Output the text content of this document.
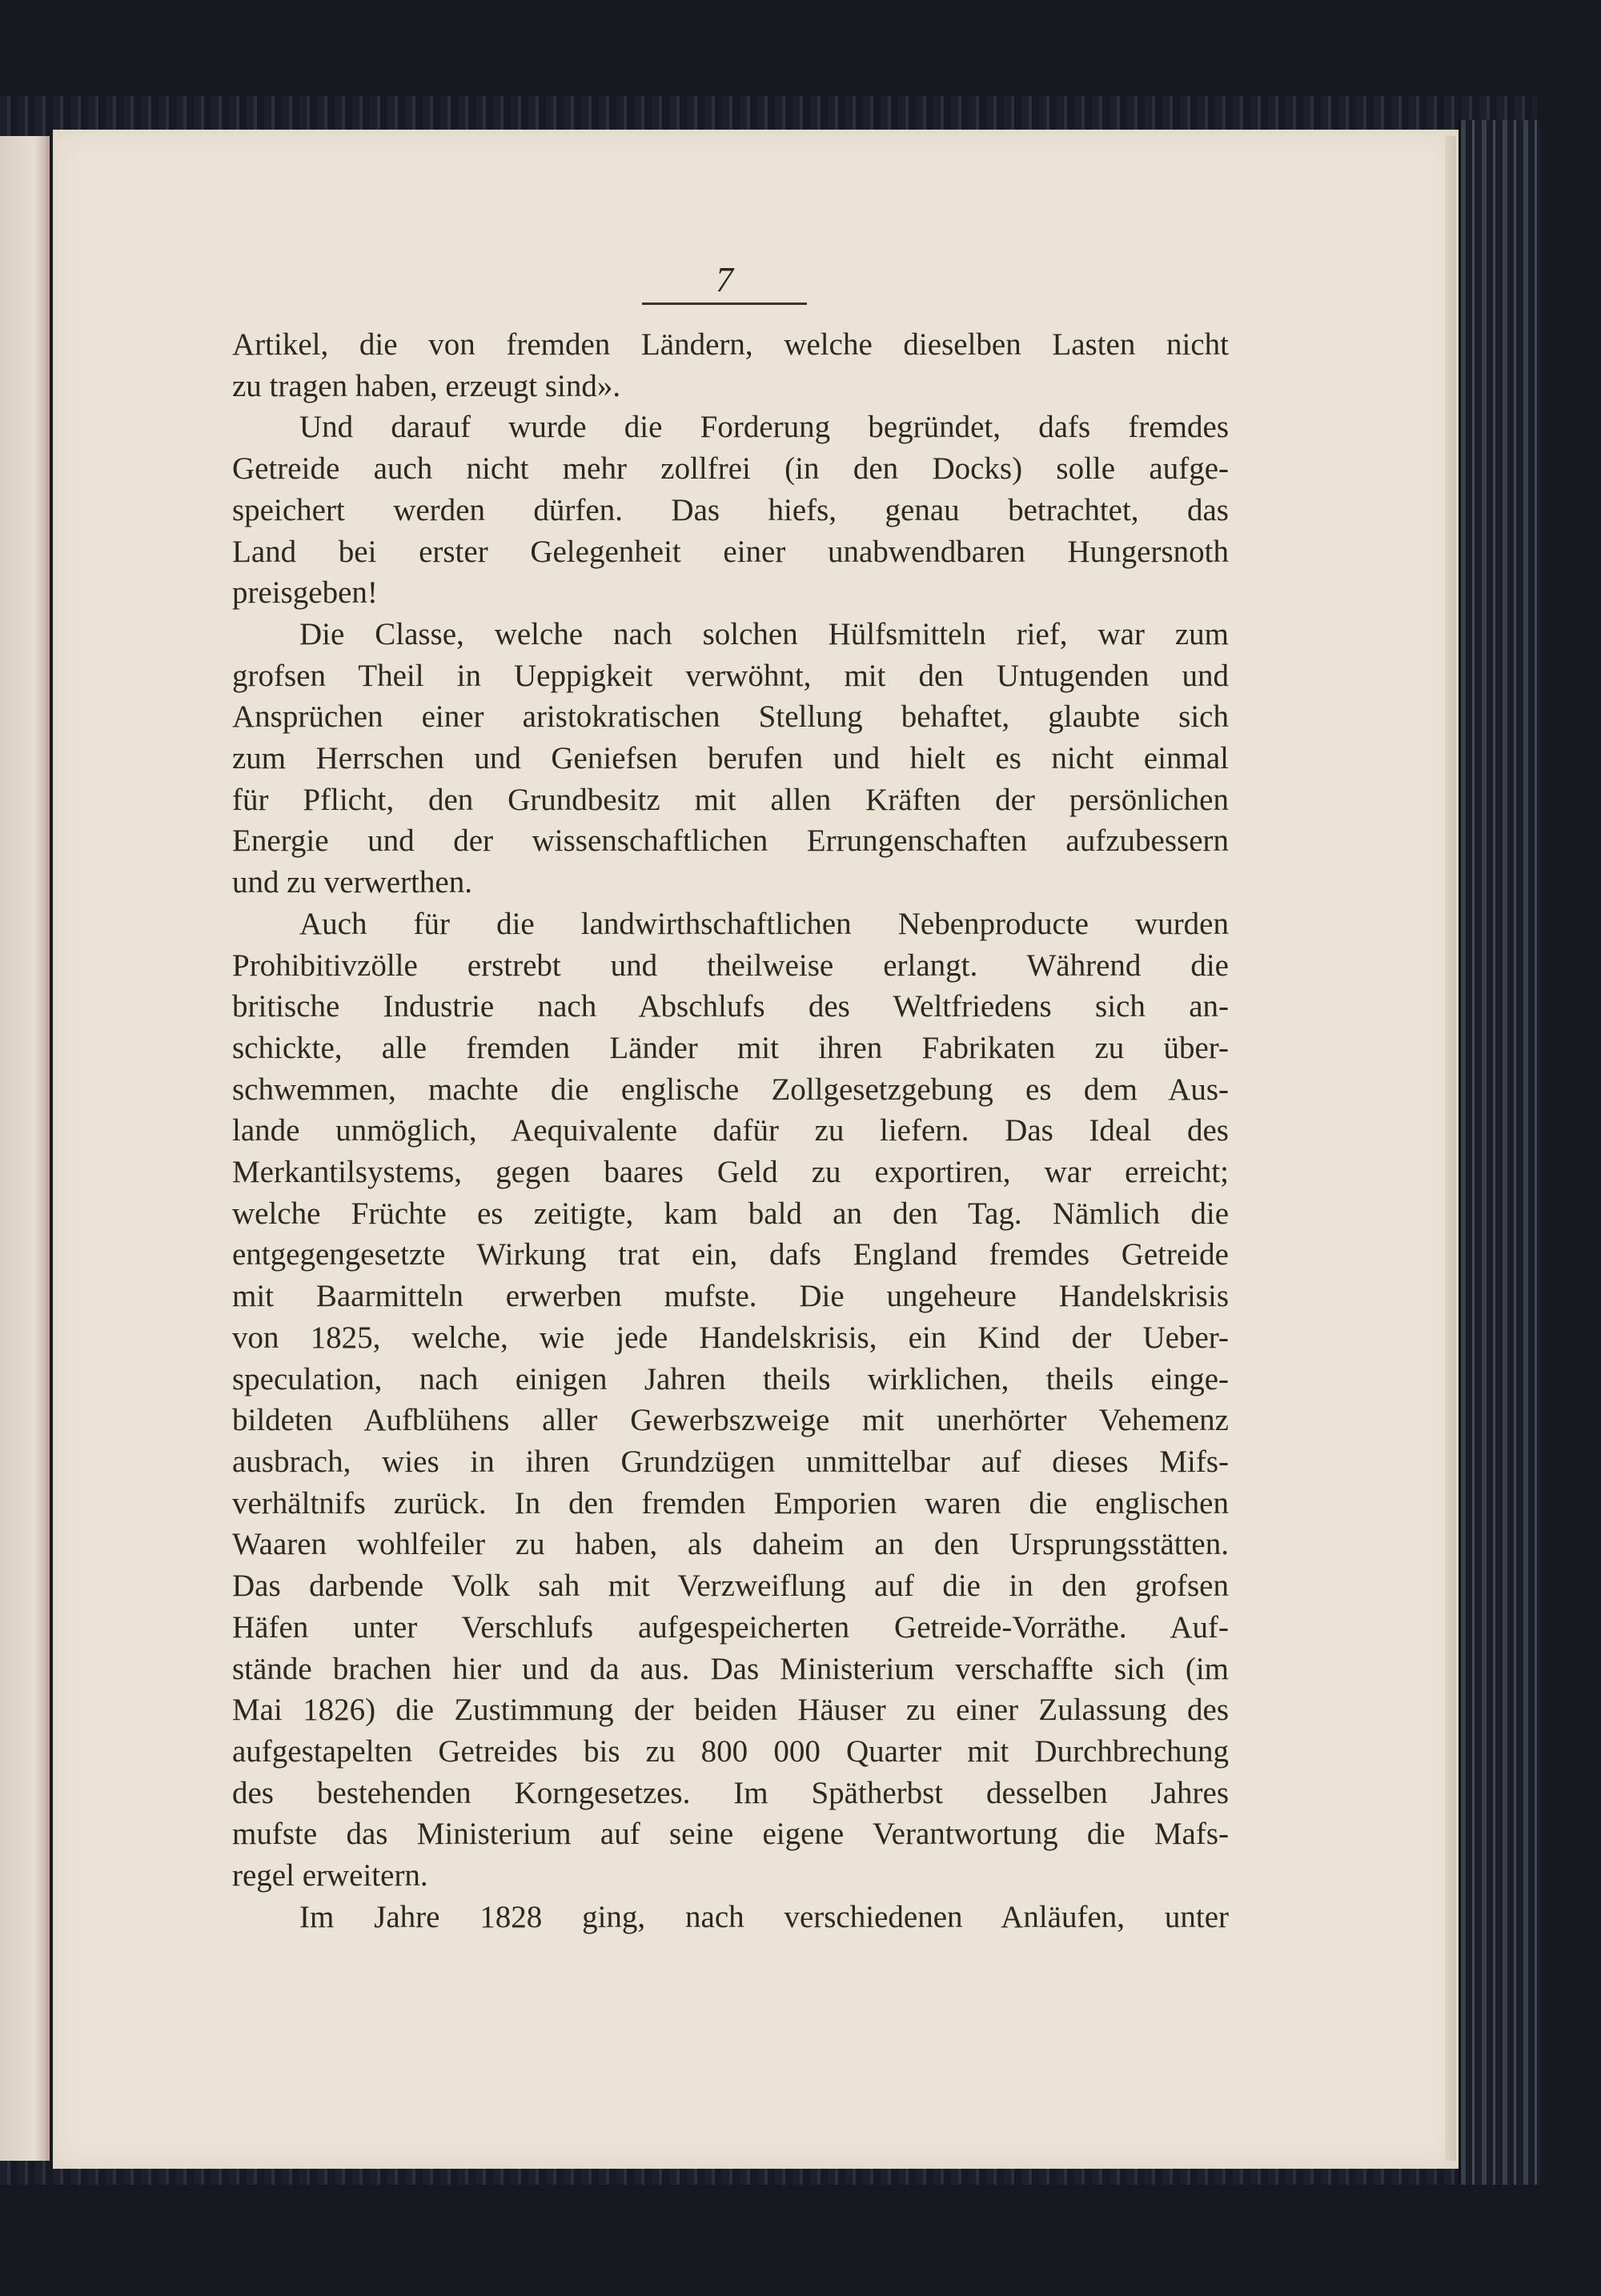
7
Artikel, die von fremden Ländern, welche dieselben Lasten nicht
zu tragen haben, erzeugt sind».
Und darauf wurde die Forderung begründet, dafs fremdes
Getreide auch nicht mehr zollfrei (in den Docks) solle aufge-
speichert werden dürfen. Das hiefs, genau betrachtet, das
Land bei erster Gelegenheit einer unabwendbaren Hungersnoth
preisgeben!
Die Classe, welche nach solchen Hülfsmitteln rief, war zum
grofsen Theil in Ueppigkeit verwöhnt, mit den Untugenden und
Ansprüchen einer aristokratischen Stellung behaftet, glaubte sich
zum Herrschen und Geniefsen berufen und hielt es nicht einmal
für Pflicht, den Grundbesitz mit allen Kräften der persönlichen
Energie und der wissenschaftlichen Errungenschaften aufzubessern
und zu verwerthen.
Auch für die landwirthschaftlichen Nebenproducte wurden
Prohibitivzölle erstrebt und theilweise erlangt. Während die
britische Industrie nach Abschlufs des Weltfriedens sich an-
schickte, alle fremden Länder mit ihren Fabrikaten zu über-
schwemmen, machte die englische Zollgesetzgebung es dem Aus-
lande unmöglich, Aequivalente dafür zu liefern. Das Ideal des
Merkantilsystems, gegen baares Geld zu exportiren, war erreicht;
welche Früchte es zeitigte, kam bald an den Tag. Nämlich die
entgegengesetzte Wirkung trat ein, dafs England fremdes Getreide
mit Baarmitteln erwerben mufste. Die ungeheure Handelskrisis
von 1825, welche, wie jede Handelskrisis, ein Kind der Ueber-
speculation, nach einigen Jahren theils wirklichen, theils einge-
bildeten Aufblühens aller Gewerbszweige mit unerhörter Vehemenz
ausbrach, wies in ihren Grundzügen unmittelbar auf dieses Mifs-
verhältnifs zurück. In den fremden Emporien waren die englischen
Waaren wohlfeiler zu haben, als daheim an den Ursprungsstätten.
Das darbende Volk sah mit Verzweiflung auf die in den grofsen
Häfen unter Verschlufs aufgespeicherten Getreide-Vorräthe. Auf-
stände brachen hier und da aus. Das Ministerium verschaffte sich (im
Mai 1826) die Zustimmung der beiden Häuser zu einer Zulassung des
aufgestapelten Getreides bis zu 800 000 Quarter mit Durchbrechung
des bestehenden Korngesetzes. Im Spätherbst desselben Jahres
mufste das Ministerium auf seine eigene Verantwortung die Mafs-
regel erweitern.
Im Jahre 1828 ging, nach verschiedenen Anläufen, unter
